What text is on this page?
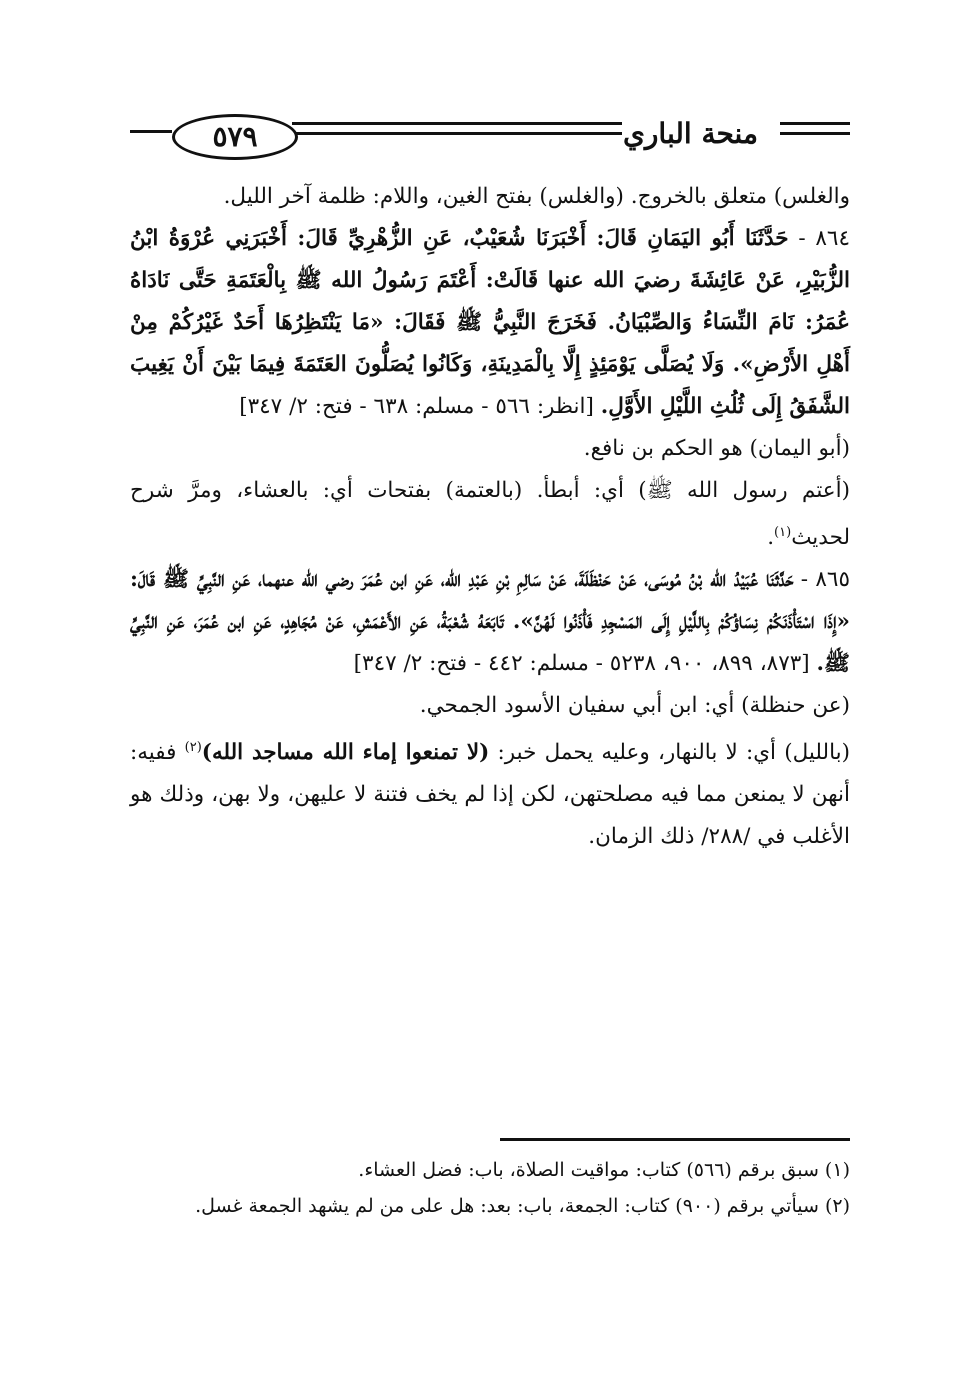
منحة الباري
٥٧٩

والغلس) متعلق بالخروج. (والغلس) بفتح الغين، واللام: ظلمة آخر الليل.

٨٦٤ - حَدَّثَنَا أَبُو اليَمَانِ قَالَ: أَخْبَرَنَا شُعَيْبٌ، عَنِ الزُّهْرِيِّ قَالَ: أَخْبَرَنِي عُرْوَةُ ابْنُ الزُّبَيْرِ، عَنْ عَائِشَةَ رضيَ الله عنها قَالَتْ: أَعْتَمَ رَسُولُ الله ﷺ بِالْعَتَمَةِ حَتَّى نَادَاهُ عُمَرُ: نَامَ النِّسَاءُ وَالصِّبْيَانُ. فَخَرَجَ النَّبِيُّ ﷺ فَقَالَ: «مَا يَنْتَظِرُهَا أَحَدٌ غَيْرُكُمْ مِنْ أَهْلِ الأَرْضِ». وَلَا يُصَلَّى يَوْمَئِذٍ إِلَّا بِالْمَدِينَةِ، وَكَانُوا يُصَلُّونَ العَتَمَةَ فِيمَا بَيْنَ أَنْ يَغِيبَ الشَّفَقُ إِلَى ثُلُثِ اللَّيْلِ الأَوَّلِ. [انظر: ٥٦٦ - مسلم: ٦٣٨ - فتح: ٢/ ٣٤٧]

(أبو اليمان) هو الحكم بن نافع.

(أعتم رسول الله ﷺ) أي: أبطأ. (بالعتمة) بفتحات أي: بالعشاء، ومرَّ شرح لحديث$^{(١)}$.

٨٦٥ - حَدَّثَنَا عُبَيْدُ الله بْنُ مُوسَى، عَنْ حَنْظَلَةَ، عَنْ سَالِمِ بْنِ عَبْدِ الله، عَنِ ابن عُمَرَ رضي الله عنهما، عَنِ النَّبِيِّ ﷺ قَالَ: «إِذَا اسْتَأْذَنَكُمْ نِسَاؤُكُمْ بِاللَّيْلِ إِلَى المَسْجِدِ فَأْذَنُوا لَهُنَّ». تَابَعَهُ شُعْبَةُ، عَنِ الأَعْمَشِ، عَنْ مُجَاهِدٍ، عَنِ ابن عُمَرَ، عَنِ النَّبِيِّ ﷺ. [٨٧٣، ٨٩٩، ٩٠٠، ٥٢٣٨ - مسلم: ٤٤٢ - فتح: ٢/ ٣٤٧]

(عن حنظلة) أي: ابن أبي سفيان الأسود الجمحي.

(بالليل) أي: لا بالنهار، وعليه يحمل خبر: (لا تمنعوا إماء الله مساجد الله)$^{(٢)}$ ففيه: أنهن لا يمنعن مما فيه مصلحتهن، لكن إذا لم يخف فتنة لا عليهن، ولا بهن، وذلك هو الأغلب في /٢٨٨/ ذلك الزمان.

(١) سبق برقم (٥٦٦) كتاب: مواقيت الصلاة، باب: فضل العشاء.

(٢) سيأتي برقم (٩٠٠) كتاب: الجمعة، باب: بعد: هل على من لم يشهد الجمعة غسل.
